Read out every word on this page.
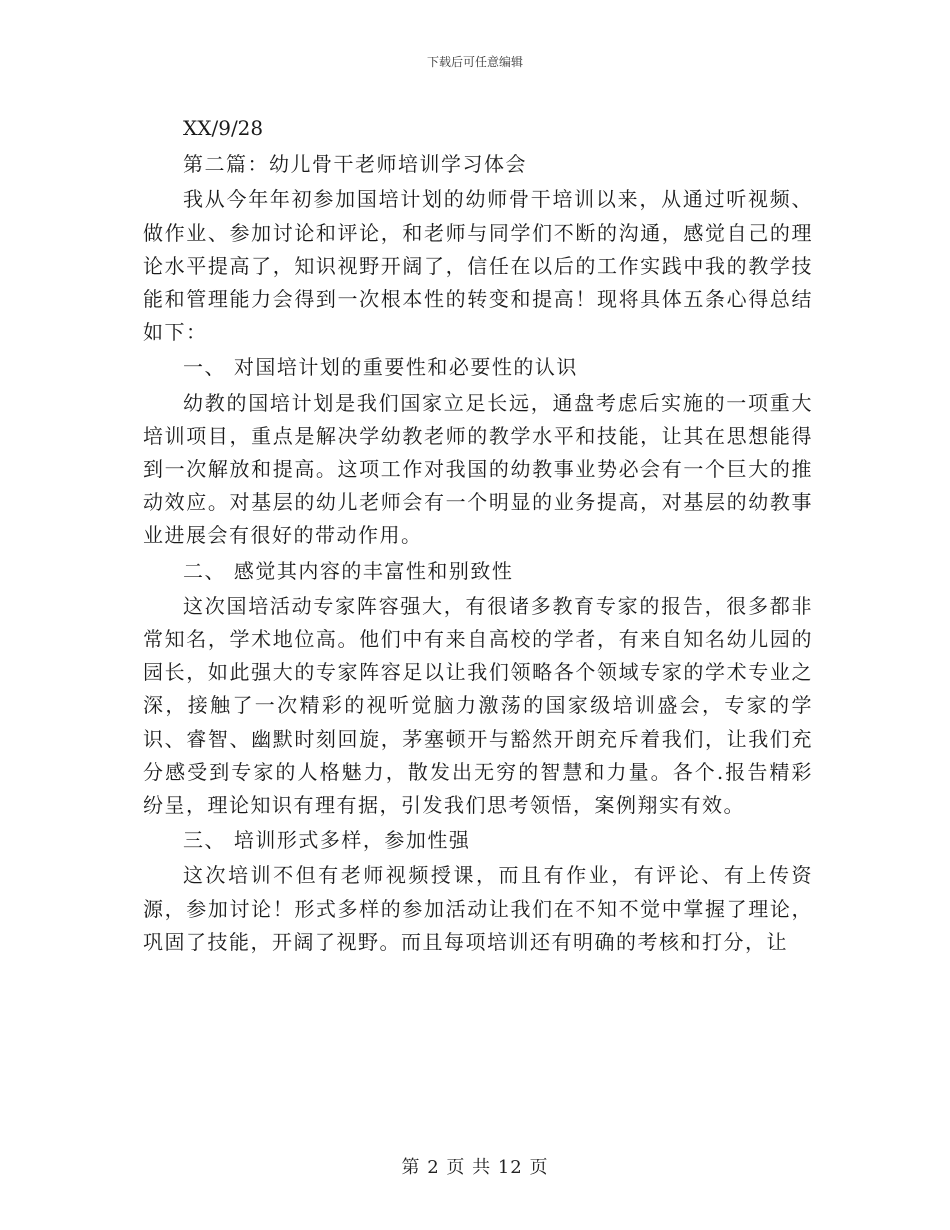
下载后可任意编辑

XX/9/28

第二篇：幼儿骨干老师培训学习体会

我从今年年初参加国培计划的幼师骨干培训以来，从通过听视频、做作业、参加讨论和评论，和老师与同学们不断的沟通，感觉自己的理论水平提高了，知识视野开阔了，信任在以后的工作实践中我的教学技能和管理能力会得到一次根本性的转变和提高！现将具体五条心得总结如下：

一、 对国培计划的重要性和必要性的认识

幼教的国培计划是我们国家立足长远，通盘考虑后实施的一项重大培训项目，重点是解决学幼教老师的教学水平和技能，让其在思想能得到一次解放和提高。这项工作对我国的幼教事业势必会有一个巨大的推动效应。对基层的幼儿老师会有一个明显的业务提高，对基层的幼教事业进展会有很好的带动作用。

二、 感觉其内容的丰富性和别致性

这次国培活动专家阵容强大，有很诸多教育专家的报告，很多都非常知名，学术地位高。他们中有来自高校的学者，有来自知名幼儿园的园长，如此强大的专家阵容足以让我们领略各个领域专家的学术专业之深，接触了一次精彩的视听觉脑力激荡的国家级培训盛会，专家的学识、睿智、幽默时刻回旋，茅塞顿开与豁然开朗充斥着我们，让我们充分感受到专家的人格魅力，散发出无穷的智慧和力量。各个.报告精彩纷呈，理论知识有理有据，引发我们思考领悟，案例翔实有效。

三、 培训形式多样，参加性强

这次培训不但有老师视频授课，而且有作业，有评论、有上传资源，参加讨论！形式多样的参加活动让我们在不知不觉中掌握了理论，巩固了技能，开阔了视野。而且每项培训还有明确的考核和打分，让

第 2 页 共 12 页
